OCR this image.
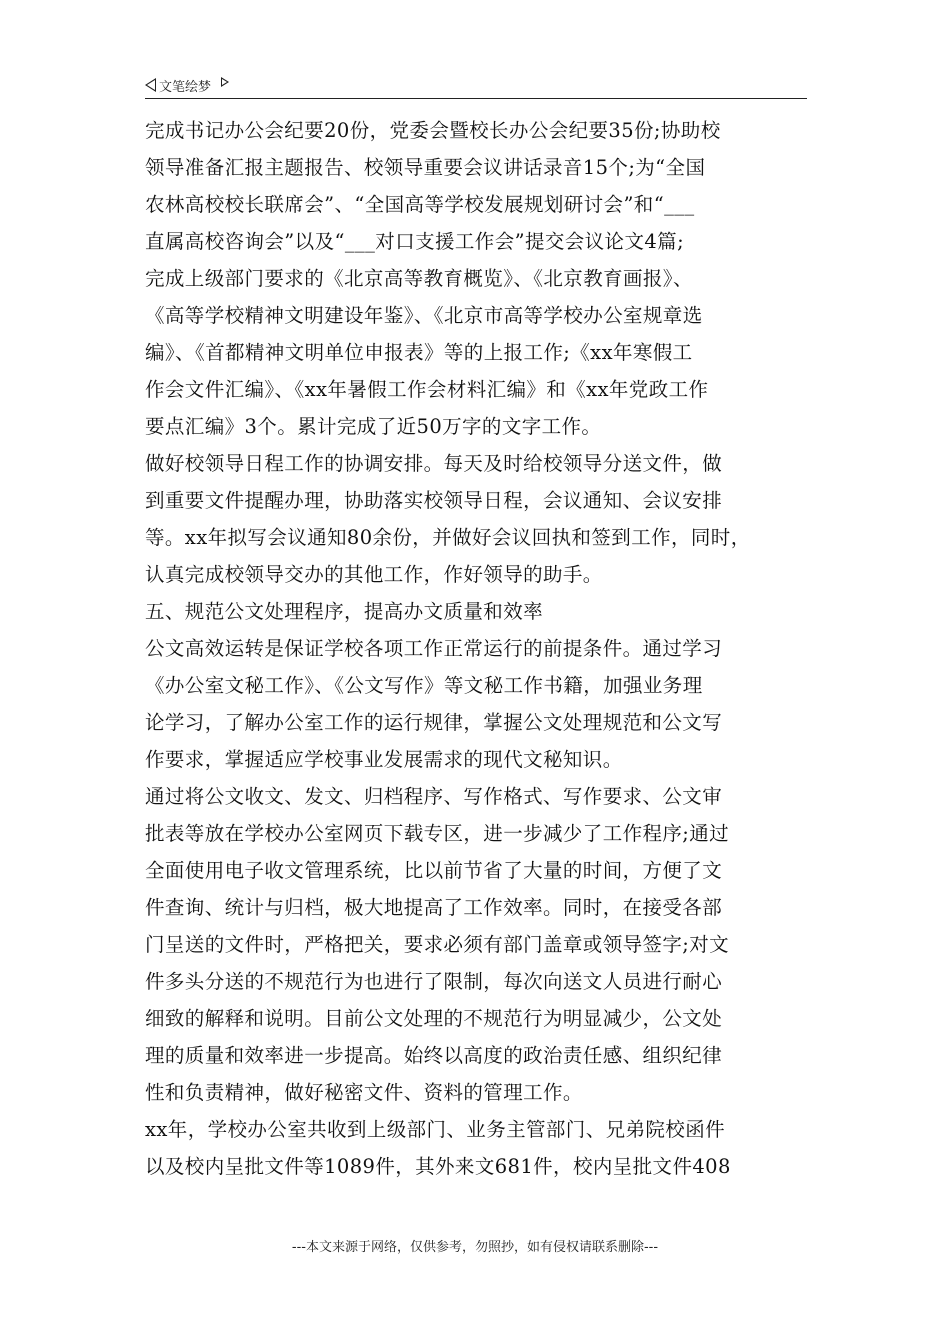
文笔绘梦
完成书记办公会纪要20份，党委会暨校长办公会纪要35份;协助校
领导准备汇报主题报告、校领导重要会议讲话录音15个;为“全国
农林高校校长联席会”、“全国高等学校发展规划研讨会”和“___
直属高校咨询会”以及“___对口支援工作会”提交会议论文4篇;
完成上级部门要求的《北京高等教育概览》、《北京教育画报》、
《高等学校精神文明建设年鉴》、《北京市高等学校办公室规章选
编》、《首都精神文明单位申报表》等的上报工作;《xx年寒假工
作会文件汇编》、《xx年暑假工作会材料汇编》和《xx年党政工作
要点汇编》3个。累计完成了近50万字的文字工作。
做好校领导日程工作的协调安排。每天及时给校领导分送文件，做
到重要文件提醒办理，协助落实校领导日程，会议通知、会议安排
等。xx年拟写会议通知80余份，并做好会议回执和签到工作，同时，
认真完成校领导交办的其他工作，作好领导的助手。
五、规范公文处理程序，提高办文质量和效率
公文高效运转是保证学校各项工作正常运行的前提条件。通过学习
《办公室文秘工作》、《公文写作》等文秘工作书籍，加强业务理
论学习，了解办公室工作的运行规律，掌握公文处理规范和公文写
作要求，掌握适应学校事业发展需求的现代文秘知识。
通过将公文收文、发文、归档程序、写作格式、写作要求、公文审
批表等放在学校办公室网页下载专区，进一步减少了工作程序;通过
全面使用电子收文管理系统，比以前节省了大量的时间，方便了文
件查询、统计与归档，极大地提高了工作效率。同时，在接受各部
门呈送的文件时，严格把关，要求必须有部门盖章或领导签字;对文
件多头分送的不规范行为也进行了限制，每次向送文人员进行耐心
细致的解释和说明。目前公文处理的不规范行为明显减少，公文处
理的质量和效率进一步提高。始终以高度的政治责任感、组织纪律
性和负责精神，做好秘密文件、资料的管理工作。
xx年，学校办公室共收到上级部门、业务主管部门、兄弟院校函件
以及校内呈批文件等1089件，其外来文681件，校内呈批文件408
---本文来源于网络，仅供参考，勿照抄，如有侵权请联系删除---
